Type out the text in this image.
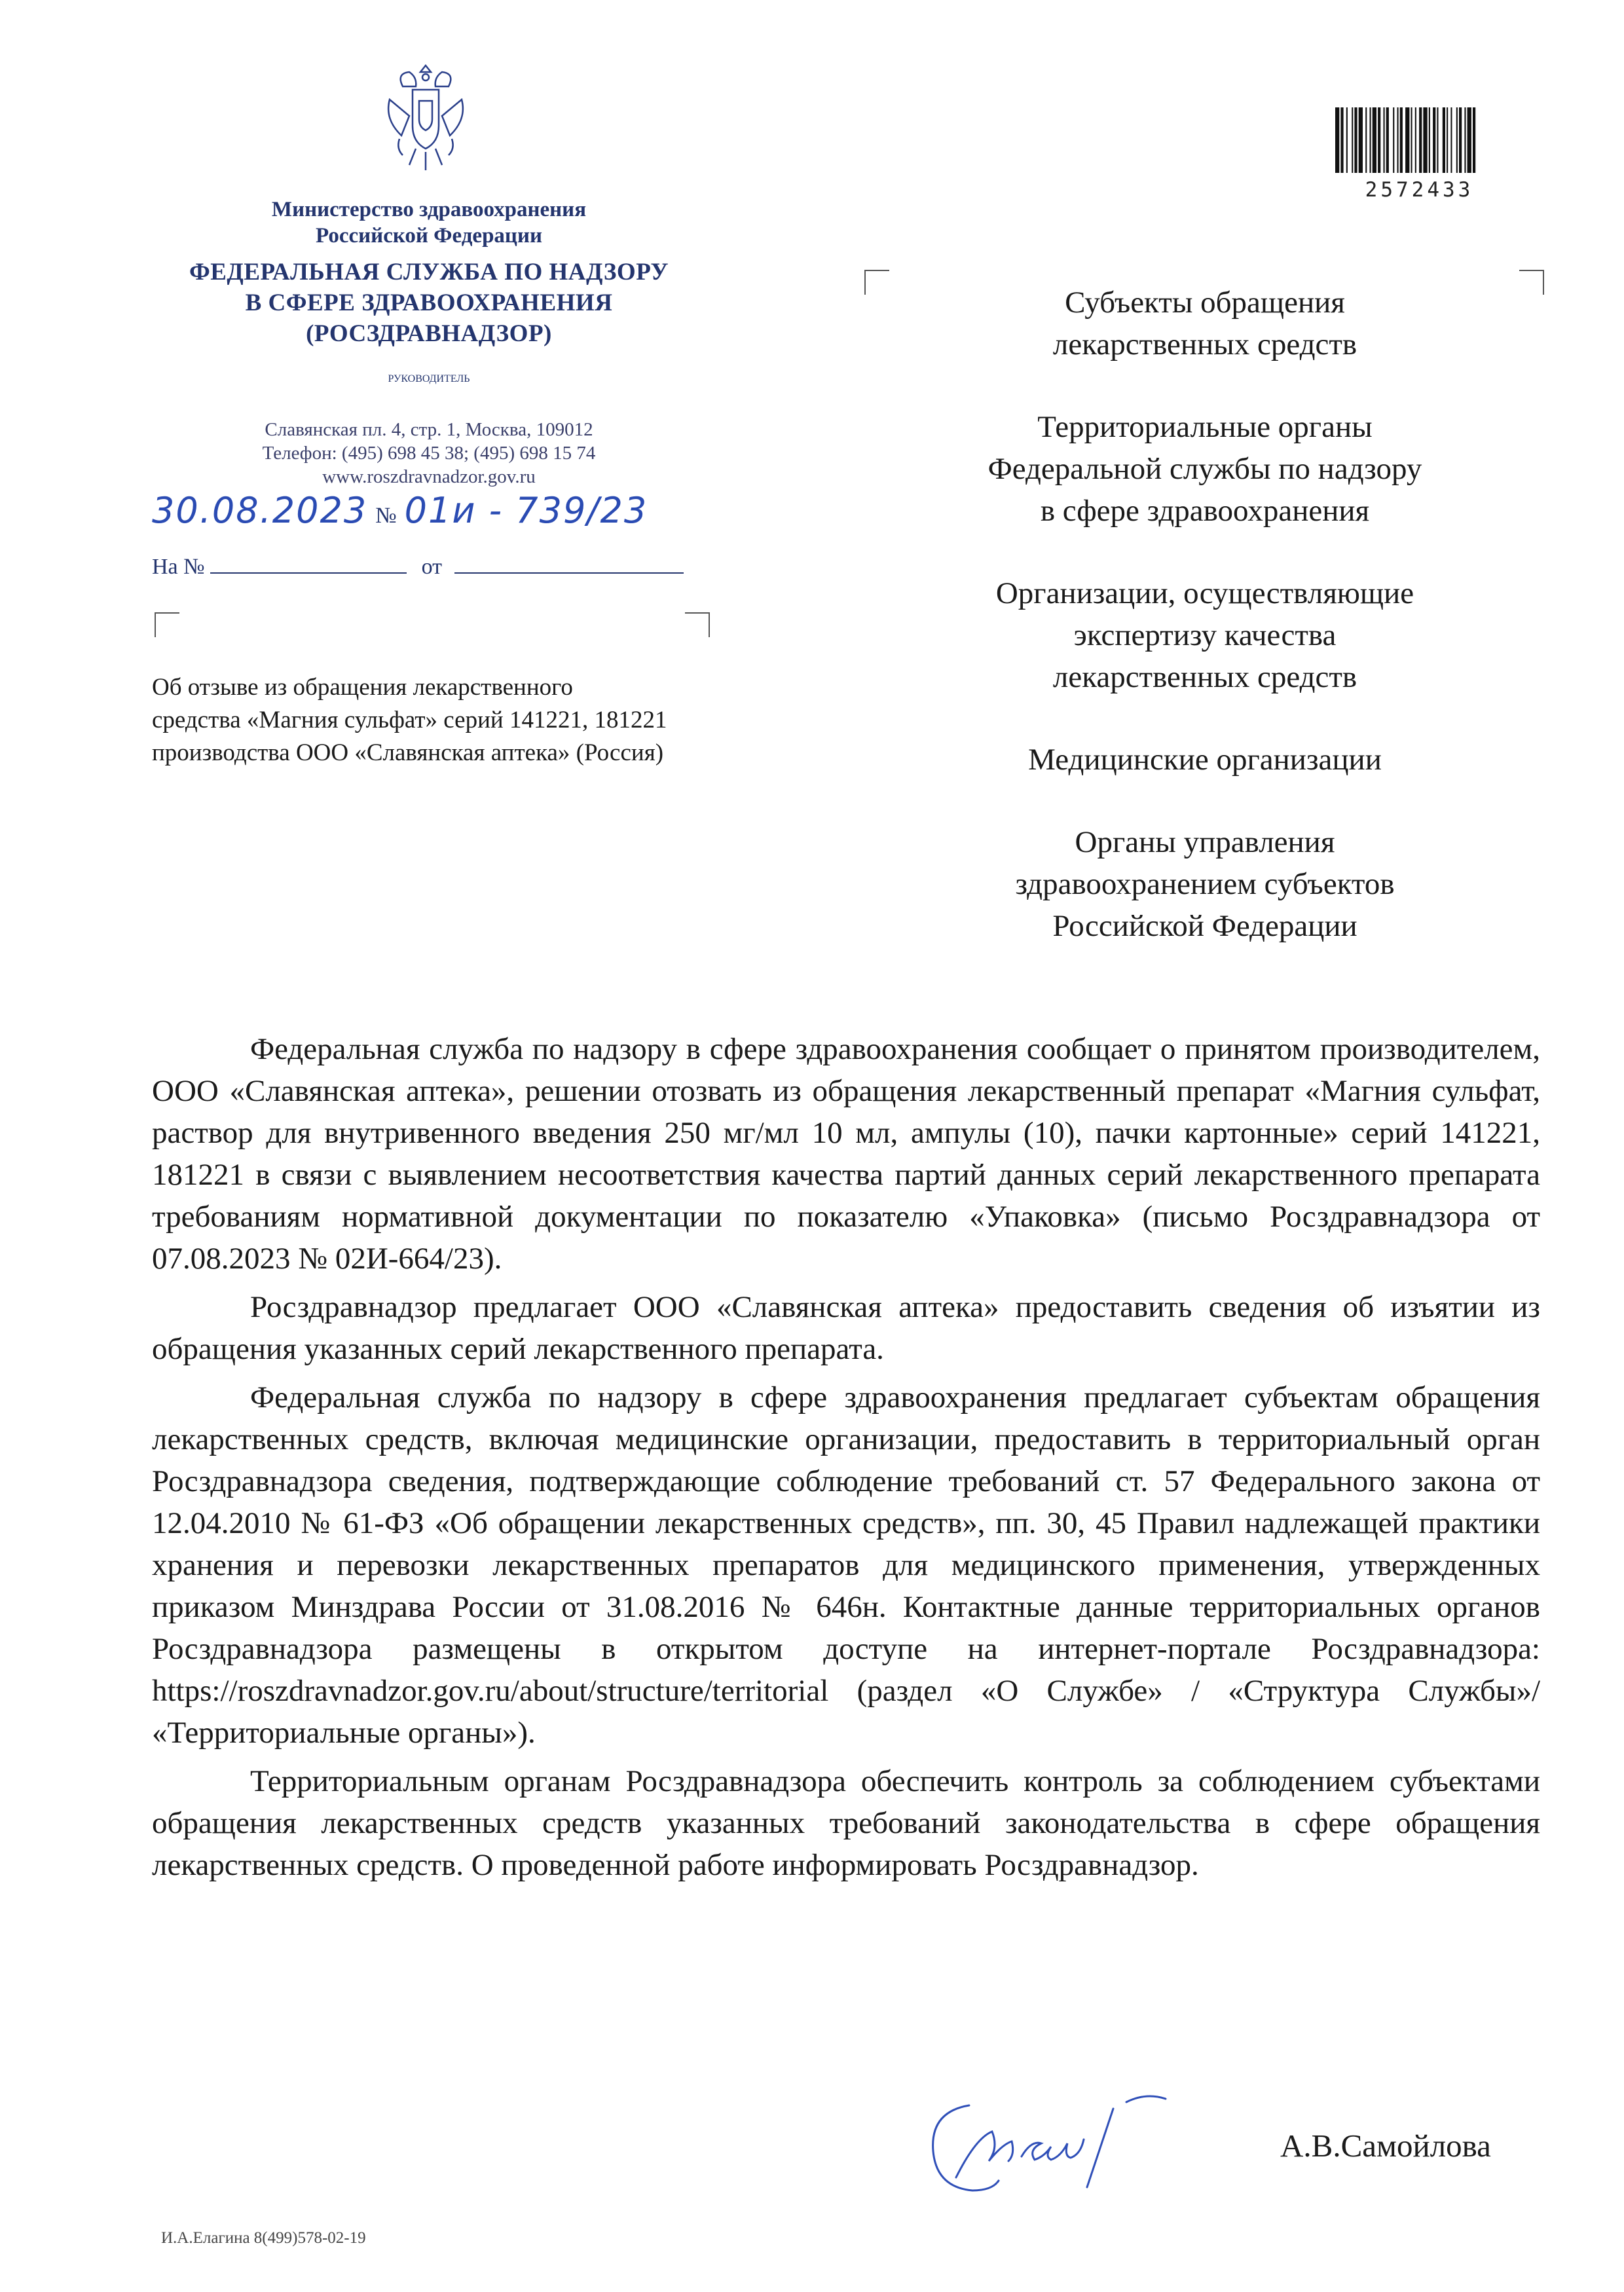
Министерство здравоохранения
Российской Федерации
ФЕДЕРАЛЬНАЯ СЛУЖБА ПО НАДЗОРУ
В СФЕРЕ ЗДРАВООХРАНЕНИЯ
(РОСЗДРАВНАДЗОР)
РУКОВОДИТЕЛЬ
Славянская пл. 4, стр. 1, Москва, 109012
Телефон: (495) 698 45 38; (495) 698 15 74
www.roszdravnadzor.gov.ru
30.08.2023 № 01и - 739/23
На №	от
Об отзыве из обращения лекарственного
средства «Магния сульфат» серий 141221, 181221
производства ООО «Славянская аптека» (Россия)
2572433
Субъекты обращения
лекарственных средств
Территориальные органы
Федеральной службы по надзору
в сфере здравоохранения
Организации, осуществляющие
экспертизу качества
лекарственных средств
Медицинские организации
Органы управления
здравоохранением субъектов
Российской Федерации

Федеральная служба по надзору в сфере здравоохранения сообщает о принятом производителем, ООО «Славянская аптека», решении отозвать из обращения лекарственный препарат «Магния сульфат, раствор для внутривенного введения 250 мг/мл 10 мл, ампулы (10), пачки картонные» серий 141221, 181221 в связи с выявлением несоответствия качества партий данных серий лекарственного препарата требованиям нормативной документации по показателю «Упаковка» (письмо Росздравнадзора от 07.08.2023 № 02И-664/23).

Росздравнадзор предлагает ООО «Славянская аптека» предоставить сведения об изъятии из обращения указанных серий лекарственного препарата.

Федеральная служба по надзору в сфере здравоохранения предлагает субъектам обращения лекарственных средств, включая медицинские организации, предоставить в территориальный орган Росздравнадзора сведения, подтверждающие соблюдение требований ст. 57 Федерального закона от 12.04.2010 № 61-ФЗ «Об обращении лекарственных средств», пп. 30, 45 Правил надлежащей практики хранения и перевозки лекарственных препаратов для медицинского применения, утвержденных приказом Минздрава России от 31.08.2016 № 646н. Контактные данные территориальных органов Росздравнадзора размещены в открытом доступе на интернет-портале Росздравнадзора: https://roszdravnadzor.gov.ru/about/structure/territorial (раздел «О Службе» / «Структура Службы»/ «Территориальные органы»).

Территориальным органам Росздравнадзора обеспечить контроль за соблюдением субъектами обращения лекарственных средств указанных требований законодательства в сфере обращения лекарственных средств. О проведенной работе информировать Росздравнадзор.

А.В.Самойлова
И.А.Елагина 8(499)578-02-19
